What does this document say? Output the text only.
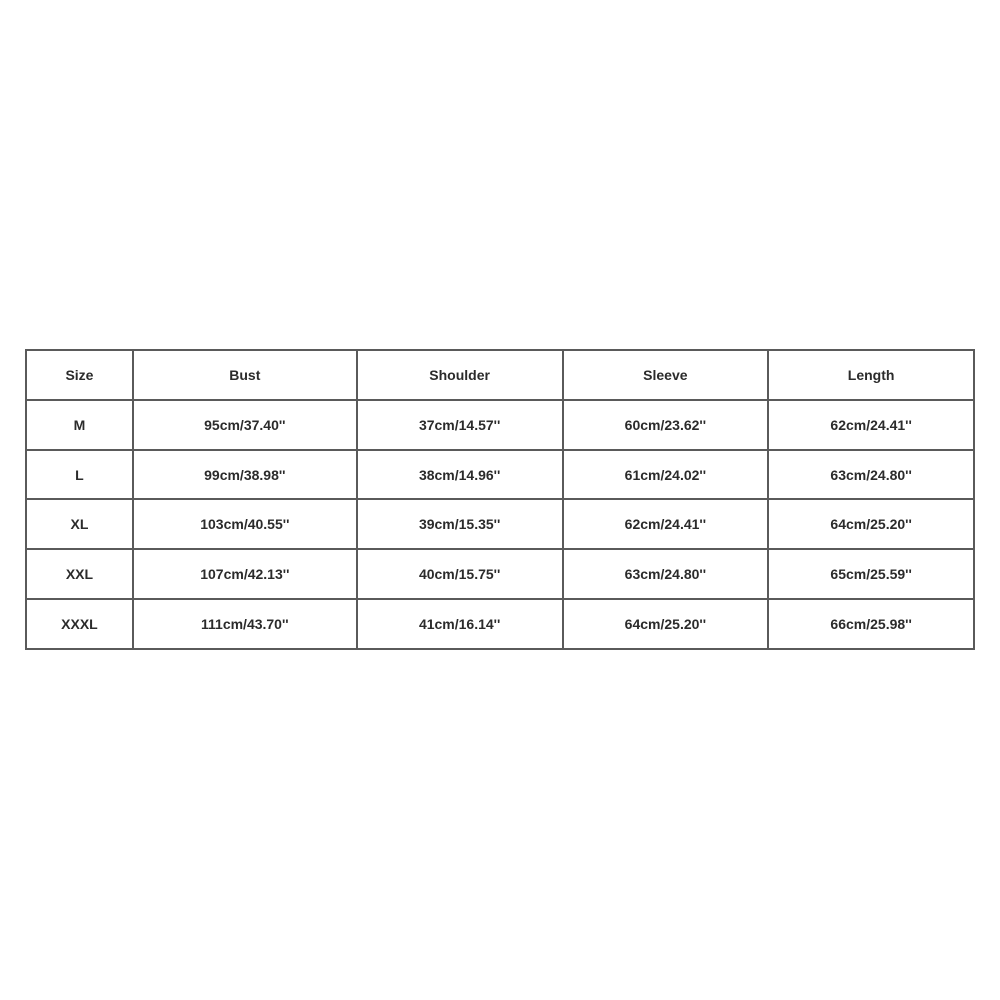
Size	Bust	Shoulder	Sleeve	Length
M	95cm/37.40''	37cm/14.57''	60cm/23.62''	62cm/24.41''
L	99cm/38.98''	38cm/14.96''	61cm/24.02''	63cm/24.80''
XL	103cm/40.55''	39cm/15.35''	62cm/24.41''	64cm/25.20''
XXL	107cm/42.13''	40cm/15.75''	63cm/24.80''	65cm/25.59''
XXXL	111cm/43.70''	41cm/16.14''	64cm/25.20''	66cm/25.98''
